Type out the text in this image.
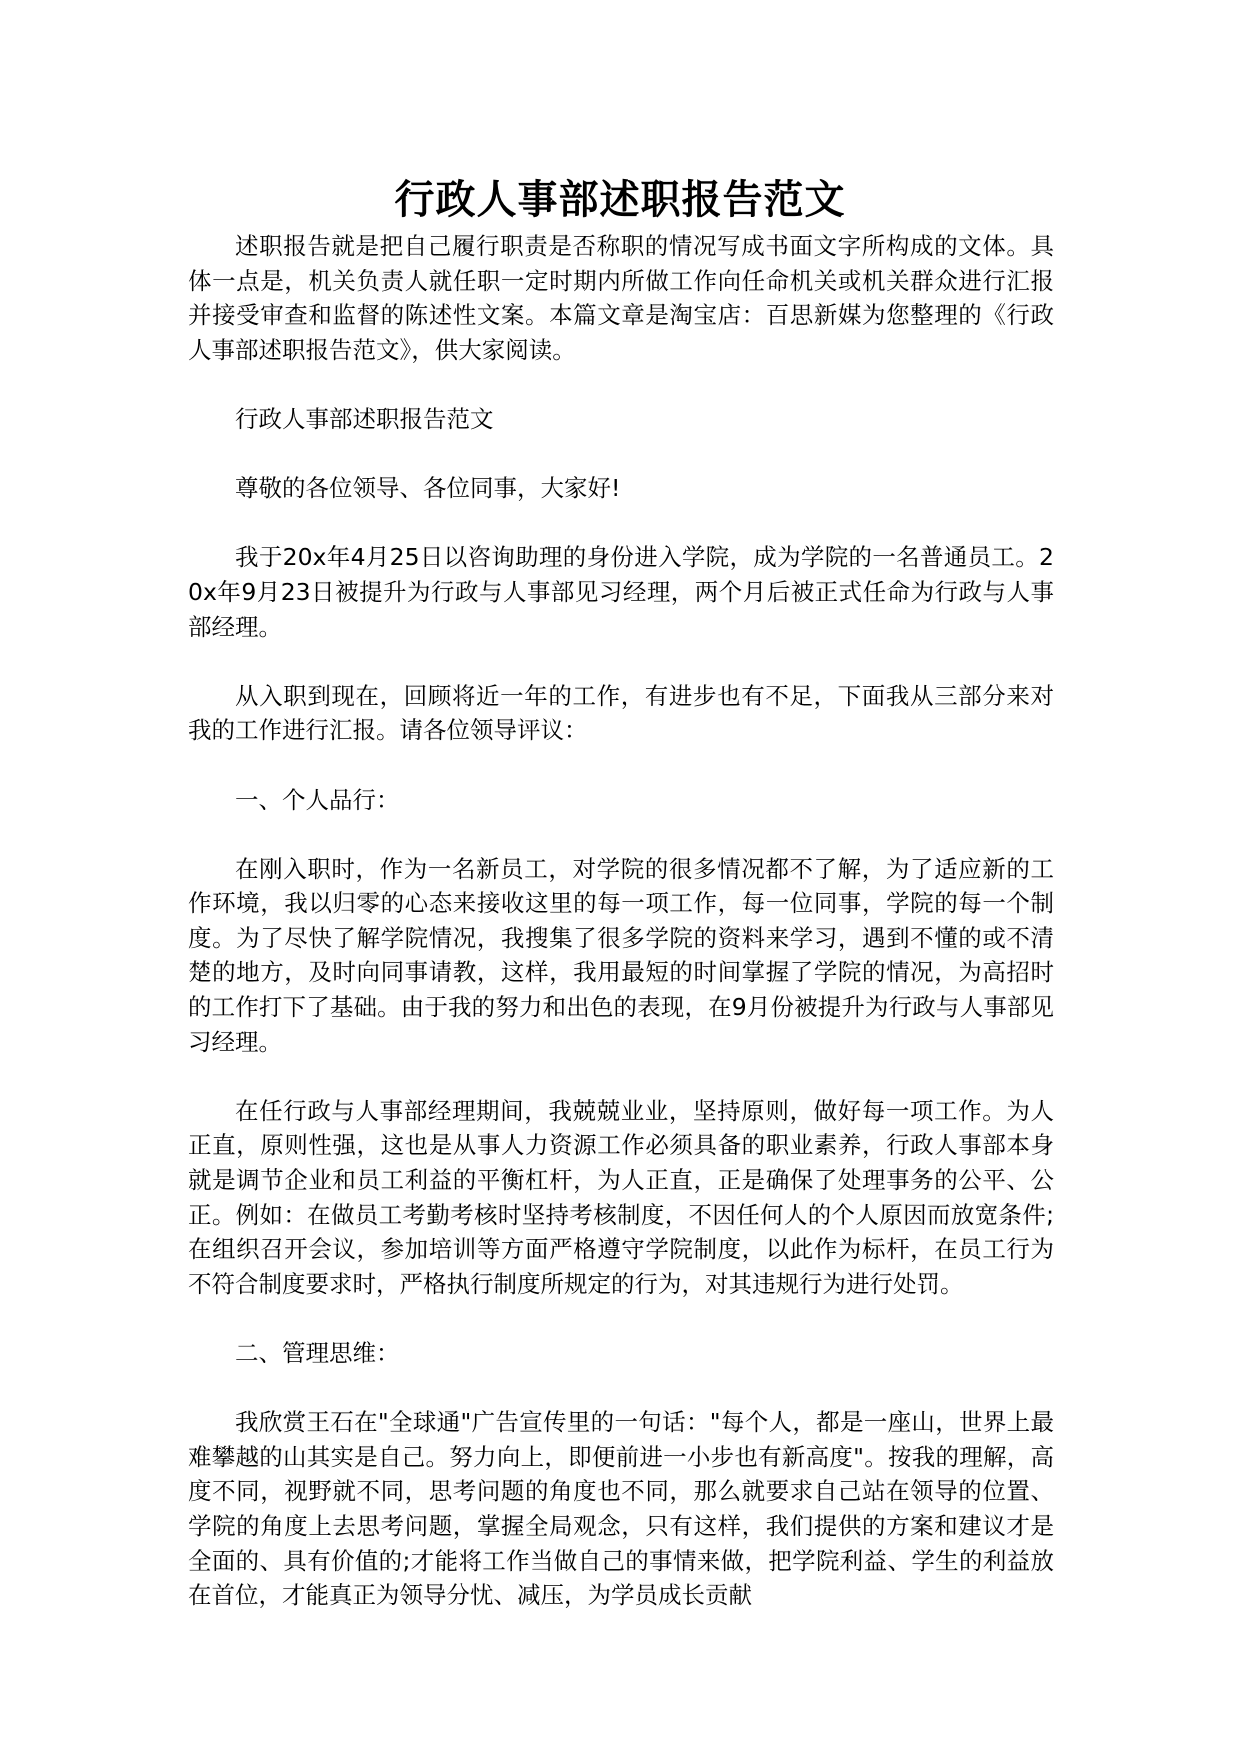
行政人事部述职报告范文

述职报告就是把自己履行职责是否称职的情况写成书面文字所构成的文体。具体一点是，机关负责人就任职一定时期内所做工作向任命机关或机关群众进行汇报并接受审查和监督的陈述性文案。本篇文章是淘宝店：百思新媒为您整理的《行政人事部述职报告范文》，供大家阅读。

行政人事部述职报告范文

尊敬的各位领导、各位同事，大家好!

我于20x年4月25日以咨询助理的身份进入学院，成为学院的一名普通员工。20x年9月23日被提升为行政与人事部见习经理，两个月后被正式任命为行政与人事部经理。

从入职到现在，回顾将近一年的工作，有进步也有不足，下面我从三部分来对我的工作进行汇报。请各位领导评议：

一、个人品行：

在刚入职时，作为一名新员工，对学院的很多情况都不了解，为了适应新的工作环境，我以归零的心态来接收这里的每一项工作，每一位同事，学院的每一个制度。为了尽快了解学院情况，我搜集了很多学院的资料来学习，遇到不懂的或不清楚的地方，及时向同事请教，这样，我用最短的时间掌握了学院的情况，为高招时的工作打下了基础。由于我的努力和出色的表现，在9月份被提升为行政与人事部见习经理。

在任行政与人事部经理期间，我兢兢业业，坚持原则，做好每一项工作。为人正直，原则性强，这也是从事人力资源工作必须具备的职业素养，行政人事部本身就是调节企业和员工利益的平衡杠杆，为人正直，正是确保了处理事务的公平、公正。例如：在做员工考勤考核时坚持考核制度，不因任何人的个人原因而放宽条件;在组织召开会议，参加培训等方面严格遵守学院制度，以此作为标杆，在员工行为不符合制度要求时，严格执行制度所规定的行为，对其违规行为进行处罚。

二、管理思维：

我欣赏王石在"全球通"广告宣传里的一句话："每个人，都是一座山，世界上最难攀越的山其实是自己。努力向上，即便前进一小步也有新高度"。按我的理解，高度不同，视野就不同，思考问题的角度也不同，那么就要求自己站在领导的位置、学院的角度上去思考问题，掌握全局观念，只有这样，我们提供的方案和建议才是全面的、具有价值的;才能将工作当做自己的事情来做，把学院利益、学生的利益放在首位，才能真正为领导分忧、减压，为学员成长贡献
